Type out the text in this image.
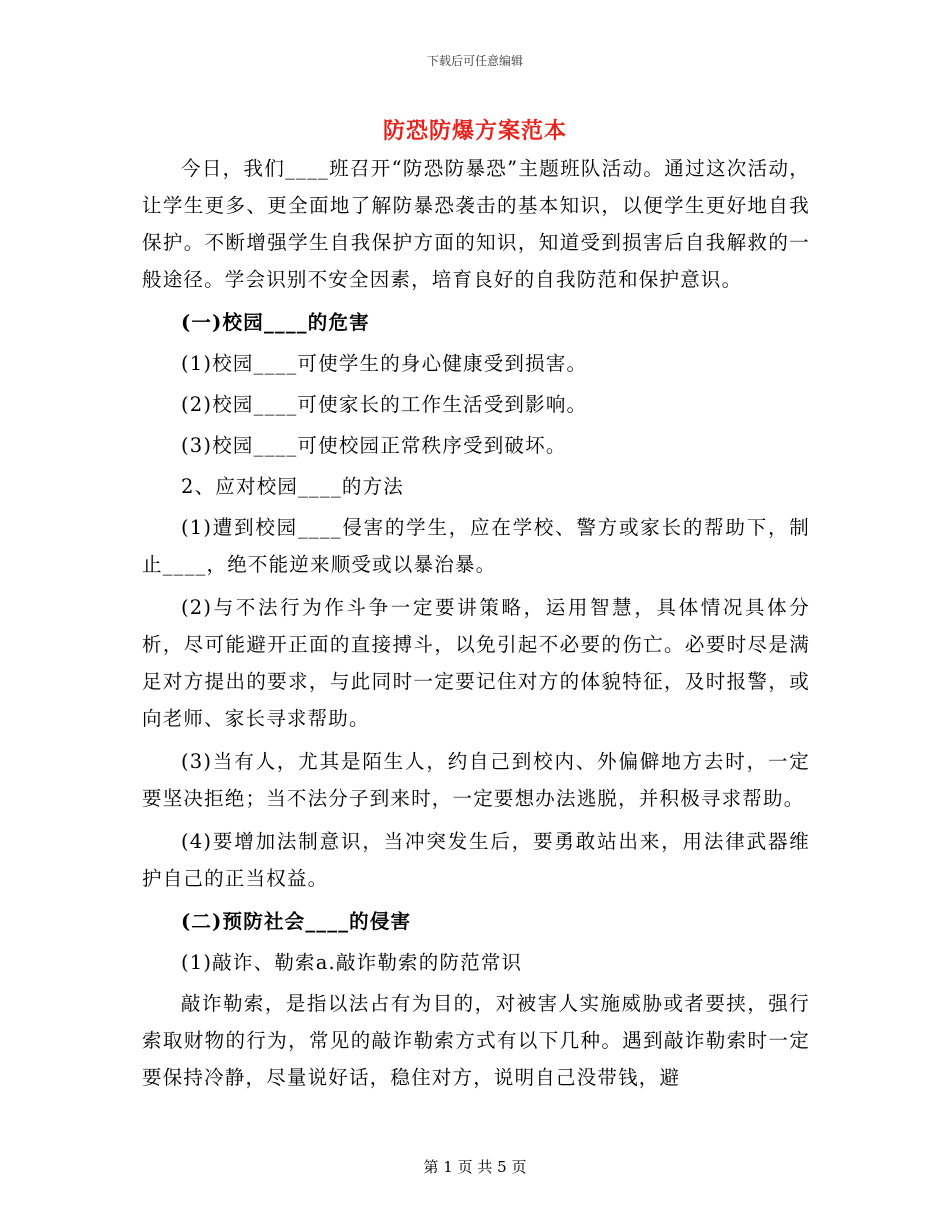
下载后可任意编辑
防恐防爆方案范本

今日，我们____班召开“防恐防暴恐”主题班队活动。通过这次活动，让学生更多、更全面地了解防暴恐袭击的基本知识，以便学生更好地自我保护。不断增强学生自我保护方面的知识，知道受到损害后自我解救的一般途径。学会识别不安全因素，培育良好的自我防范和保护意识。

(一)校园____的危害

(1)校园____可使学生的身心健康受到损害。

(2)校园____可使家长的工作生活受到影响。

(3)校园____可使校园正常秩序受到破坏。

2、应对校园____的方法

(1)遭到校园____侵害的学生，应在学校、警方或家长的帮助下，制止____，绝不能逆来顺受或以暴治暴。

(2)与不法行为作斗争一定要讲策略，运用智慧，具体情况具体分析，尽可能避开正面的直接搏斗，以免引起不必要的伤亡。必要时尽是满足对方提出的要求，与此同时一定要记住对方的体貌特征，及时报警，或向老师、家长寻求帮助。

(3)当有人，尤其是陌生人，约自己到校内、外偏僻地方去时，一定要坚决拒绝；当不法分子到来时，一定要想办法逃脱，并积极寻求帮助。

(4)要增加法制意识，当冲突发生后，要勇敢站出来，用法律武器维护自己的正当权益。

(二)预防社会____的侵害

(1)敲诈、勒索a.敲诈勒索的防范常识

敲诈勒索，是指以法占有为目的，对被害人实施威胁或者要挟，强行索取财物的行为，常见的敲诈勒索方式有以下几种。遇到敲诈勒索时一定要保持冷静，尽量说好话，稳住对方，说明自己没带钱，避

第 1 页 共 5 页
